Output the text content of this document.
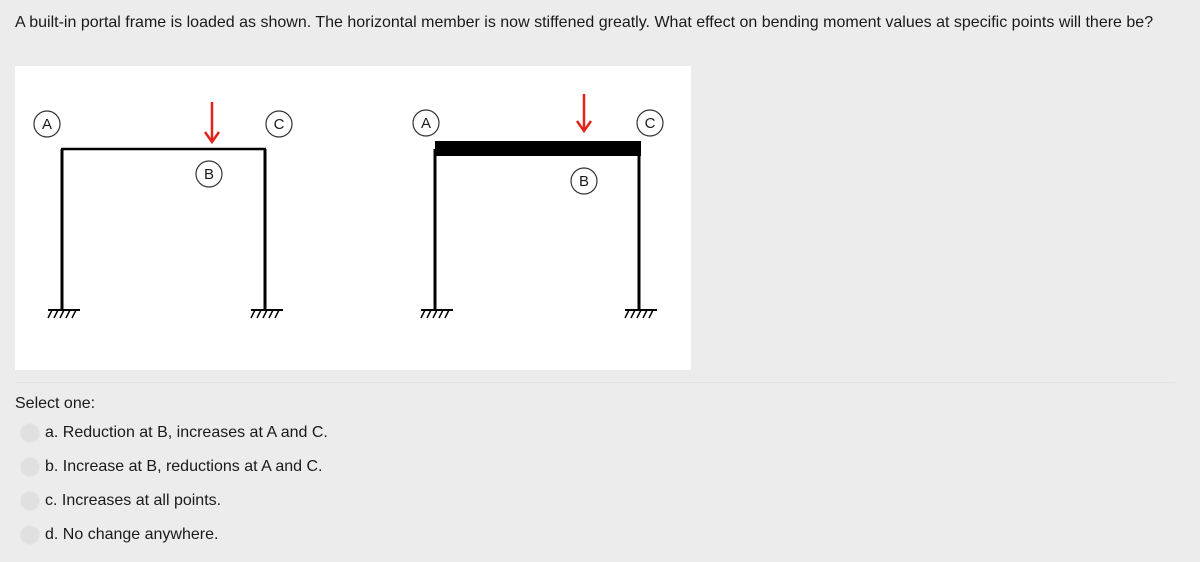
A built-in portal frame is loaded as shown. The horizontal member is now stiffened greatly. What effect on bending moment values at specific points will there be?
A
B
C	A
B
C
Select one:
a. Reduction at B, increases at A and C.
b. Increase at B, reductions at A and C.
c. Increases at all points.
d. No change anywhere.
